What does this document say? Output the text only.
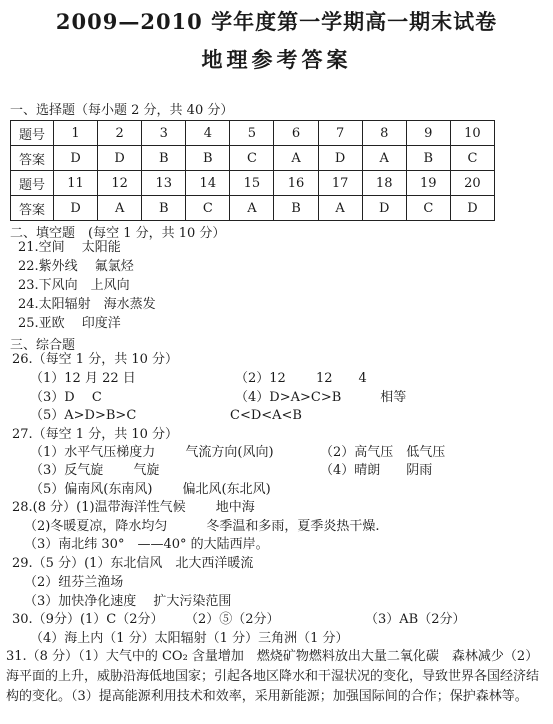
2009—2010 学年度第一学期高一期末试卷
地理参考答案
一、选择题（每小题 2 分，共 40 分）
题号	1	2	3	4	5	6	7	8	9	10
答案	D	D	B	B	C	A	D	A	B	C
题号	11	12	13	14	15	16	17	18	19	20
答案	D	A	B	C	A	B	A	D	C	D
二、填空题　(每空 1 分，共 10 分）
21.空间　 太阳能
22.紫外线　 氟氯烃
23.下风向　上风向
24.太阳辐射　海水蒸发
25.亚欧　 印度洋
三、综合题
26.（每空 1 分，共 10 分）
（1）12 月 22 日	（2）12　　 12　　4
（3）D　 C	（4）D>A>C>B　　　相等
（5）A>D>B>C	C<D<A<B
27.（每空 1 分，共 10 分）
（1）水平气压梯度力　　 气流方向(风向)	（2）高气压　低气压
（3）反气旋　　 气旋	（4）晴朗　　阴雨
（5）偏南风(东南风)　　 偏北风(东北风)
28.(8 分）(1)温带海洋性气候　　 地中海
（2)冬暖夏凉，降水均匀　　　冬季温和多雨，夏季炎热干燥.
（3）南北纬 30°　——40° 的大陆西岸。
29.（5 分）(1）东北信风　北大西洋暖流
（2）纽芬兰渔场
（3）加快净化速度　 扩大污染范围
30.（9分）(1）C（2分） （2）⑤（2分）	（3）AB（2分）
（4）海上内（1 分）太阳辐射（1 分）三角洲（1 分）
31.（8 分）（1）大气中的 CO₂ 含量增加　燃烧矿物燃料放出大量二氧化碳　森林减少（2）海平面的上升，威胁沿海低地国家；引起各地区降水和干湿状况的变化，导致世界各国经济结构的变化。（3）提高能源利用技术和效率，采用新能源；加强国际间的合作；保护森林等。
